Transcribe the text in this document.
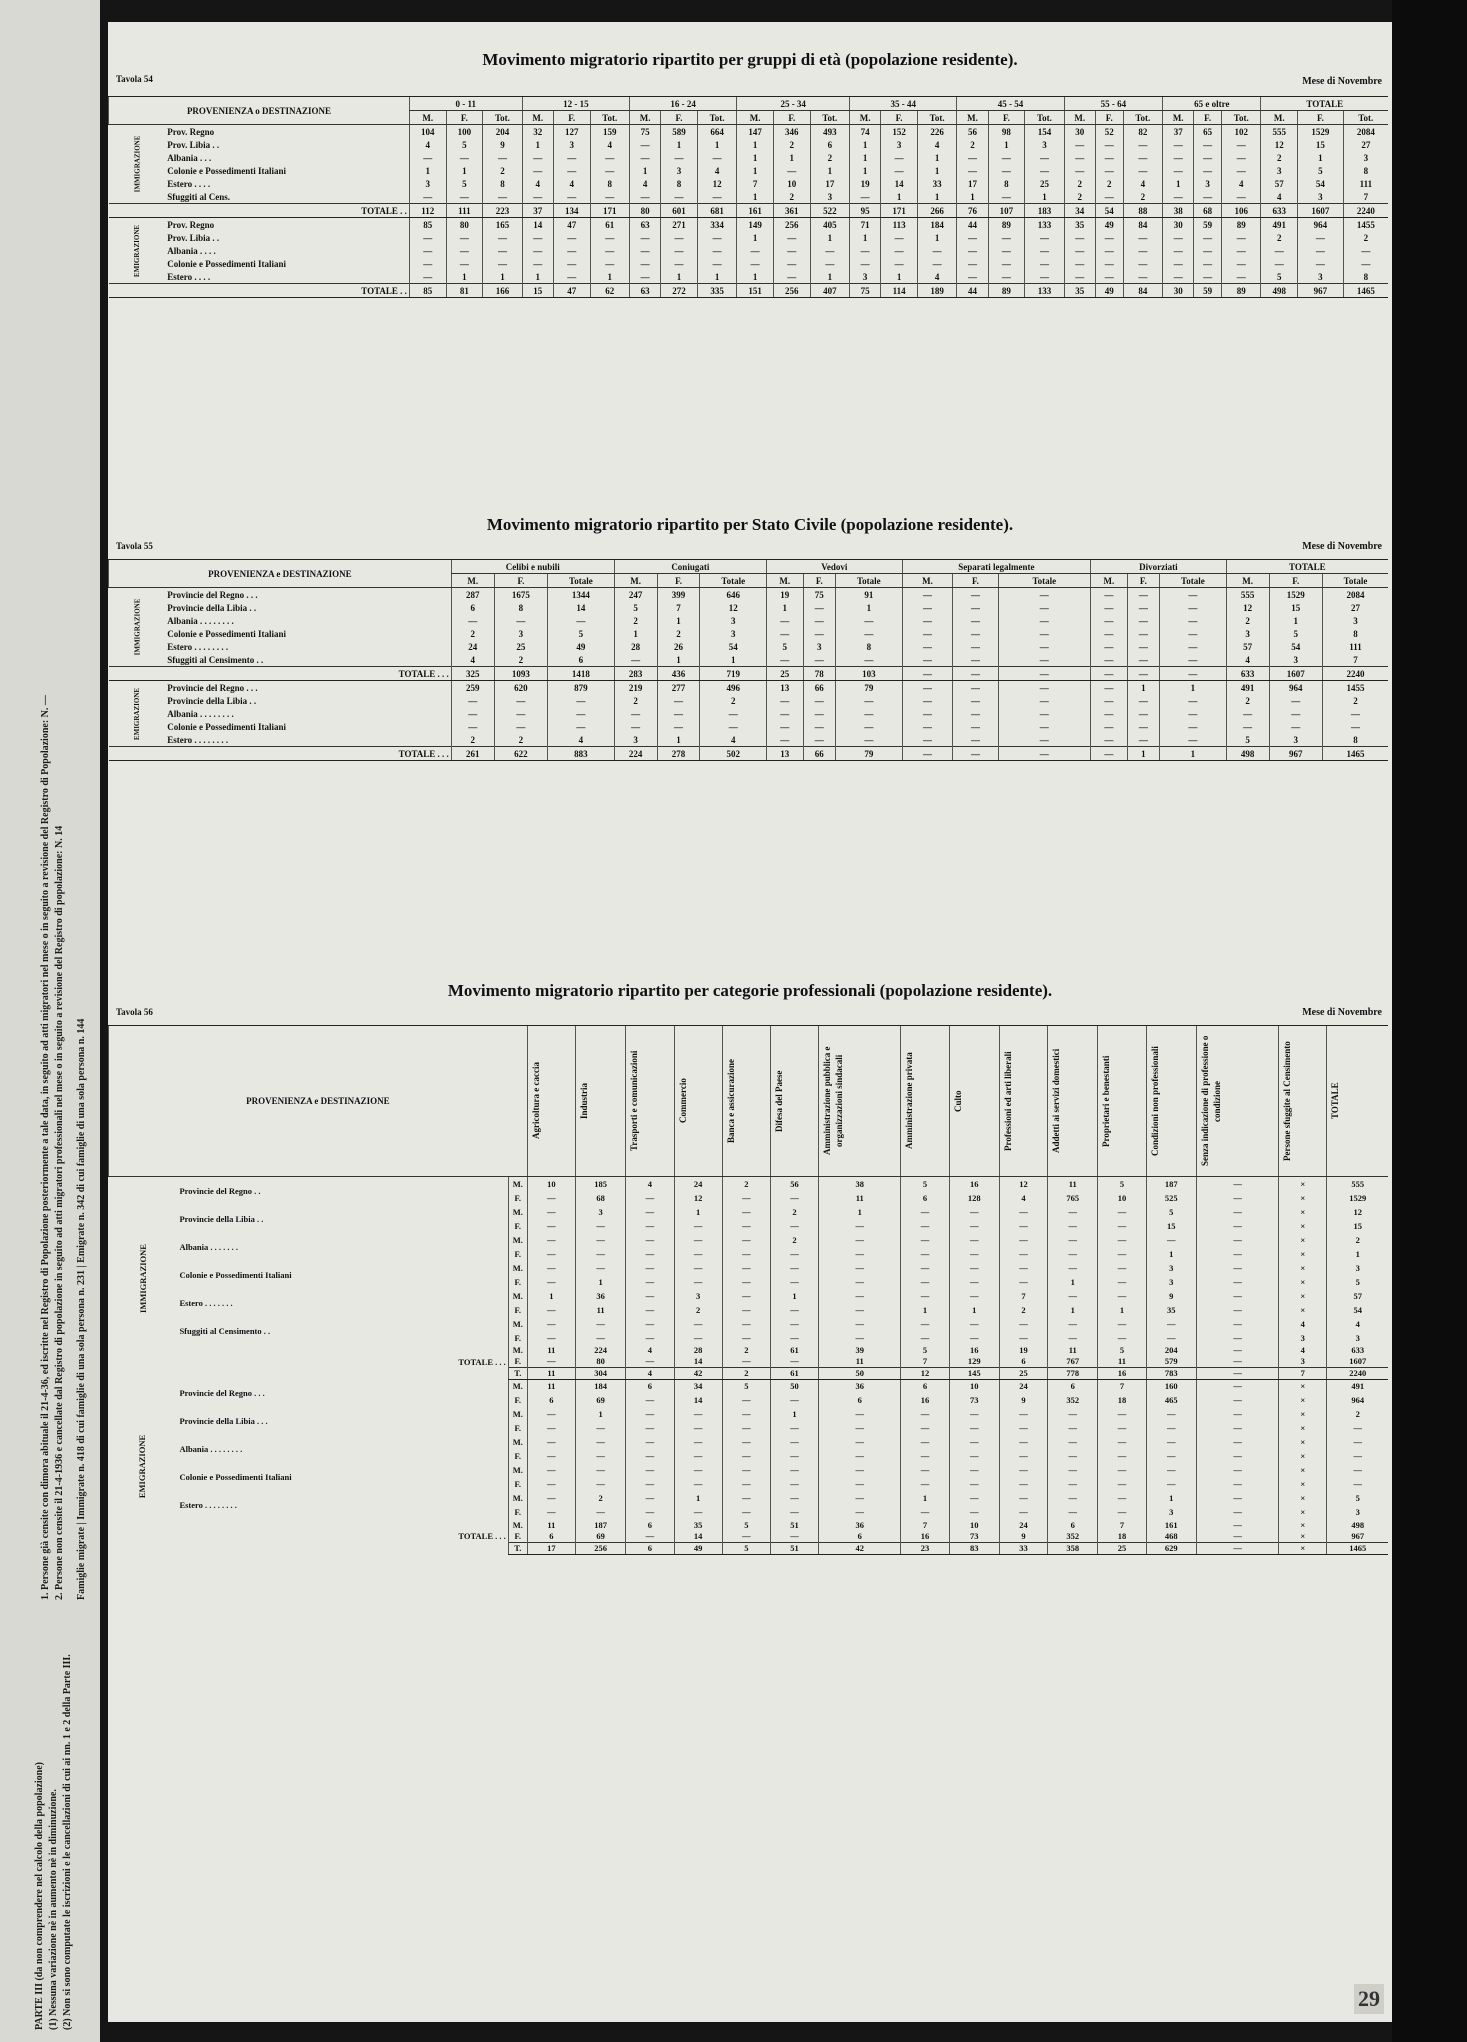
PARTE III (da non comprendere nel calcolo della popolazione) (1) Nessuna variazione nè in aumento nè in diminuzione. (2) Non si sono computate le iscrizioni e le cancellazioni di cui ai nn. 1 e 2 della Parte III.
1. Persone già censite con dimora abituale il 21-4-36, ed iscritte nel Registro di Popolazione posteriormente a tale data, in seguito ad atti migratori nel mese o in seguito a revisione del Registro di Popolazione: N. — 2. Persone non censite il 21-4-1936 e cancellate dal Registro di popolazione in seguito ad atti migratori professionali nel mese o in seguito a revisione del Registro di popolazione: N. 14 Famiglie migrate | Immigrate n. 418 di cui famiglie di una sola persona n. 231 | Emigrate n. 342 di cui famiglie di una sola persona n. 144
Tavola 54
Movimento migratorio ripartito per gruppi di età (popolazione residente).
Mese di Novembre
PROVENIENZA o DESTINAZIONE		0 - 11			12 - 15			16 - 24			25 - 34			35 - 44			45 - 54			55 - 64			65 e oltre			TOTALE		
		M.	F.	Tot.	M.	F.	Tot.	M.	F.	Tot.	M.	F.	Tot.	M.	F.	Tot.	M.	F.	Tot.	M.	F.	Tot.	M.	F.	Tot.	M.	F.	Tot.
IMMIGRAZIONE	Prov. Regno	104	100	204	32	127	159	75	589	664	147	346	493	74	152	226	56	98	154	30	52	82	37	65	102	555	1529	2084
	Prov. Libia . .	4	5	9	1	3	4	—	1	1	1	2	6	1	3	4	2	1	3	—	—	—	—	—	—	12	15	27
	Albania . . .	—	—	—	—	—	—	—	—	—	1	1	2	1	—	1	—	—	—	—	—	—	—	—	—	2	1	3
	Colonie e Possedimenti Italiani	1	1	2	—	—	—	1	3	4	1	—	1	1	—	1	—	—	—	—	—	—	—	—	—	3	5	8
	Estero . . . .	3	5	8	4	4	8	4	8	12	7	10	17	19	14	33	17	8	25	2	2	4	1	3	4	57	54	111
	Sfuggiti al Cens.	—	—	—	—	—	—	—	—	—	1	2	3	—	1	1	1	—	1	2	—	2	—	—	—	4	3	7
	TOTALE . .	112	111	223	37	134	171	80	601	681	161	361	522	95	171	266	76	107	183	34	54	88	38	68	106	633	1607	2240
EMIGRAZIONE	Prov. Regno	85	80	165	14	47	61	63	271	334	149	256	405	71	113	184	44	89	133	35	49	84	30	59	89	491	964	1455
	Prov. Libia . .	—	—	—	—	—	—	—	—	—	1	—	1	1	—	1	—	—	—	—	—	—	—	—	—	2	—	2
	Albania . . . .	—	—	—	—	—	—	—	—	—	—	—	—	—	—	—	—	—	—	—	—	—	—	—	—	—	—	—
	Colonie e Possedimenti Italiani	—	—	—	—	—	—	—	—	—	—	—	—	—	—	—	—	—	—	—	—	—	—	—	—	—	—	—
	Estero . . . .	—	1	1	1	—	1	—	1	1	1	—	1	3	1	4	—	—	—	—	—	—	—	—	—	5	3	8
	TOTALE . .	85	81	166	15	47	62	63	272	335	151	256	407	75	114	189	44	89	133	35	49	84	30	59	89	498	967	1465
Tavola 55
Movimento migratorio ripartito per Stato Civile (popolazione residente).
Mese di Novembre
PROVENIENZA e DESTINAZIONE		Celibi e nubili			Coniugati			Vedovi			Separati legalmente			Divorziati			TOTALE		
		M.	F.	Totale	M.	F.	Totale	M.	F.	Totale	M.	F.	Totale	M.	F.	Totale	M.	F.	Totale
IMMIGRAZIONE	Provincie del Regno . . .	287	1675	1344	247	399	646	19	75	91	—	—	—	—	—	—	555	1529	2084
	Provincie della Libia . .	6	8	14	5	7	12	1	—	1	—	—	—	—	—	—	12	15	27
	Albania . . . . . . . .	—	—	—	2	1	3	—	—	—	—	—	—	—	—	—	2	1	3
	Colonie e Possedimenti Italiani	2	3	5	1	2	3	—	—	—	—	—	—	—	—	—	3	5	8
	Estero . . . . . . . .	24	25	49	28	26	54	5	3	8	—	—	—	—	—	—	57	54	111
	Sfuggiti al Censimento . .	4	2	6	—	1	1	—	—	—	—	—	—	—	—	—	4	3	7
	TOTALE . . .	325	1093	1418	283	436	719	25	78	103	—	—	—	—	—	—	633	1607	2240
EMIGRAZIONE	Provincie del Regno . . .	259	620	879	219	277	496	13	66	79	—	—	—	—	1	1	491	964	1455
	Provincie della Libia . .	—	—	—	2	—	2	—	—	—	—	—	—	—	—	—	2	—	2
	Albania . . . . . . . .	—	—	—	—	—	—	—	—	—	—	—	—	—	—	—	—	—	—
	Colonie e Possedimenti Italiani	—	—	—	—	—	—	—	—	—	—	—	—	—	—	—	—	—	—
	Estero . . . . . . . .	2	2	4	3	1	4	—	—	—	—	—	—	—	—	—	5	3	8
	TOTALE . . .	261	622	883	224	278	502	13	66	79	—	—	—	—	1	1	498	967	1465
Tavola 56
Movimento migratorio ripartito per categorie professionali (popolazione residente).
Mese di Novembre
PROVENIENZA e DESTINAZIONE			Agricoltura e caccia	Industria	Trasporti e comunicazioni	Commercio	Banca e assicurazione	Difesa del Paese	Amministrazione pubblica e organizzazioni sindacali	Amministrazione privata	Culto	Professioni ed arti liberali	Addetti ai servizi domestici	Proprietari e benestanti	Condizioni non professionali	Senza indicazione di professione o condizione	Persone sfuggite al Censimento	TOTALE

IMMIGRAZIONE	Provincie del Regno . .	M.	10	185	4	24	2	56	38	5	16	12	11	5	187	—	×	555
		F.	—	68	—	12	—	—	11	6	128	4	765	10	525	—	×	1529
	Provincie della Libia . .	M.	—	3	—	1	—	2	1	—	—	—	—	—	5	—	×	12
		F.	—	—	—	—	—	—	—	—	—	—	—	—	15	—	×	15
	Albania . . . . . . .	M.	—	—	—	—	—	2	—	—	—	—	—	—	—	—	×	2
		F.	—	—	—	—	—	—	—	—	—	—	—	—	1	—	×	1
	Colonie e Possedimenti Italiani	M.	—	—	—	—	—	—	—	—	—	—	—	—	3	—	×	3
		F.	—	1	—	—	—	—	—	—	—	—	1	—	3	—	×	5
	Estero . . . . . . .	M.	1	36	—	3	—	1	—	—	—	7	—	—	9	—	×	57
		F.	—	11	—	2	—	—	—	1	1	2	1	1	35	—	×	54
	Sfuggiti al Censimento . .	M.	—	—	—	—	—	—	—	—	—	—	—	—	—	—	4	4
		F.	—	—	—	—	—	—	—	—	—	—	—	—	—	—	3	3
	TOTALE . . .	M.	11	224	4	28	2	61	39	5	16	19	11	5	204	—	4	633
		F.	—	80	—	14	—	—	11	7	129	6	767	11	579	—	3	1607
		T.	11	304	4	42	2	61	50	12	145	25	778	16	783	—	7	2240
EMIGRAZIONE	Provincie del Regno . . .	M.	11	184	6	34	5	50	36	6	10	24	6	7	160	—	×	491
		F.	6	69	—	14	—	—	6	16	73	9	352	18	465	—	×	964
	Provincie della Libia . . .	M.	—	1	—	—	—	1	—	—	—	—	—	—	—	—	×	2
		F.	—	—	—	—	—	—	—	—	—	—	—	—	—	—	×	—
	Albania . . . . . . . .	M.	—	—	—	—	—	—	—	—	—	—	—	—	—	—	×	—
		F.	—	—	—	—	—	—	—	—	—	—	—	—	—	—	×	—
	Colonie e Possedimenti Italiani	M.	—	—	—	—	—	—	—	—	—	—	—	—	—	—	×	—
		F.	—	—	—	—	—	—	—	—	—	—	—	—	—	—	×	—
	Estero . . . . . . . .	M.	—	2	—	1	—	—	—	1	—	—	—	—	1	—	×	5
		F.	—	—	—	—	—	—	—	—	—	—	—	—	3	—	×	3
	TOTALE . . .	M.	11	187	6	35	5	51	36	7	10	24	6	7	161	—	×	498
		F.	6	69	—	14	—	—	6	16	73	9	352	18	468	—	×	967
		T.	17	256	6	49	5	51	42	23	83	33	358	25	629	—	×	1465
29
